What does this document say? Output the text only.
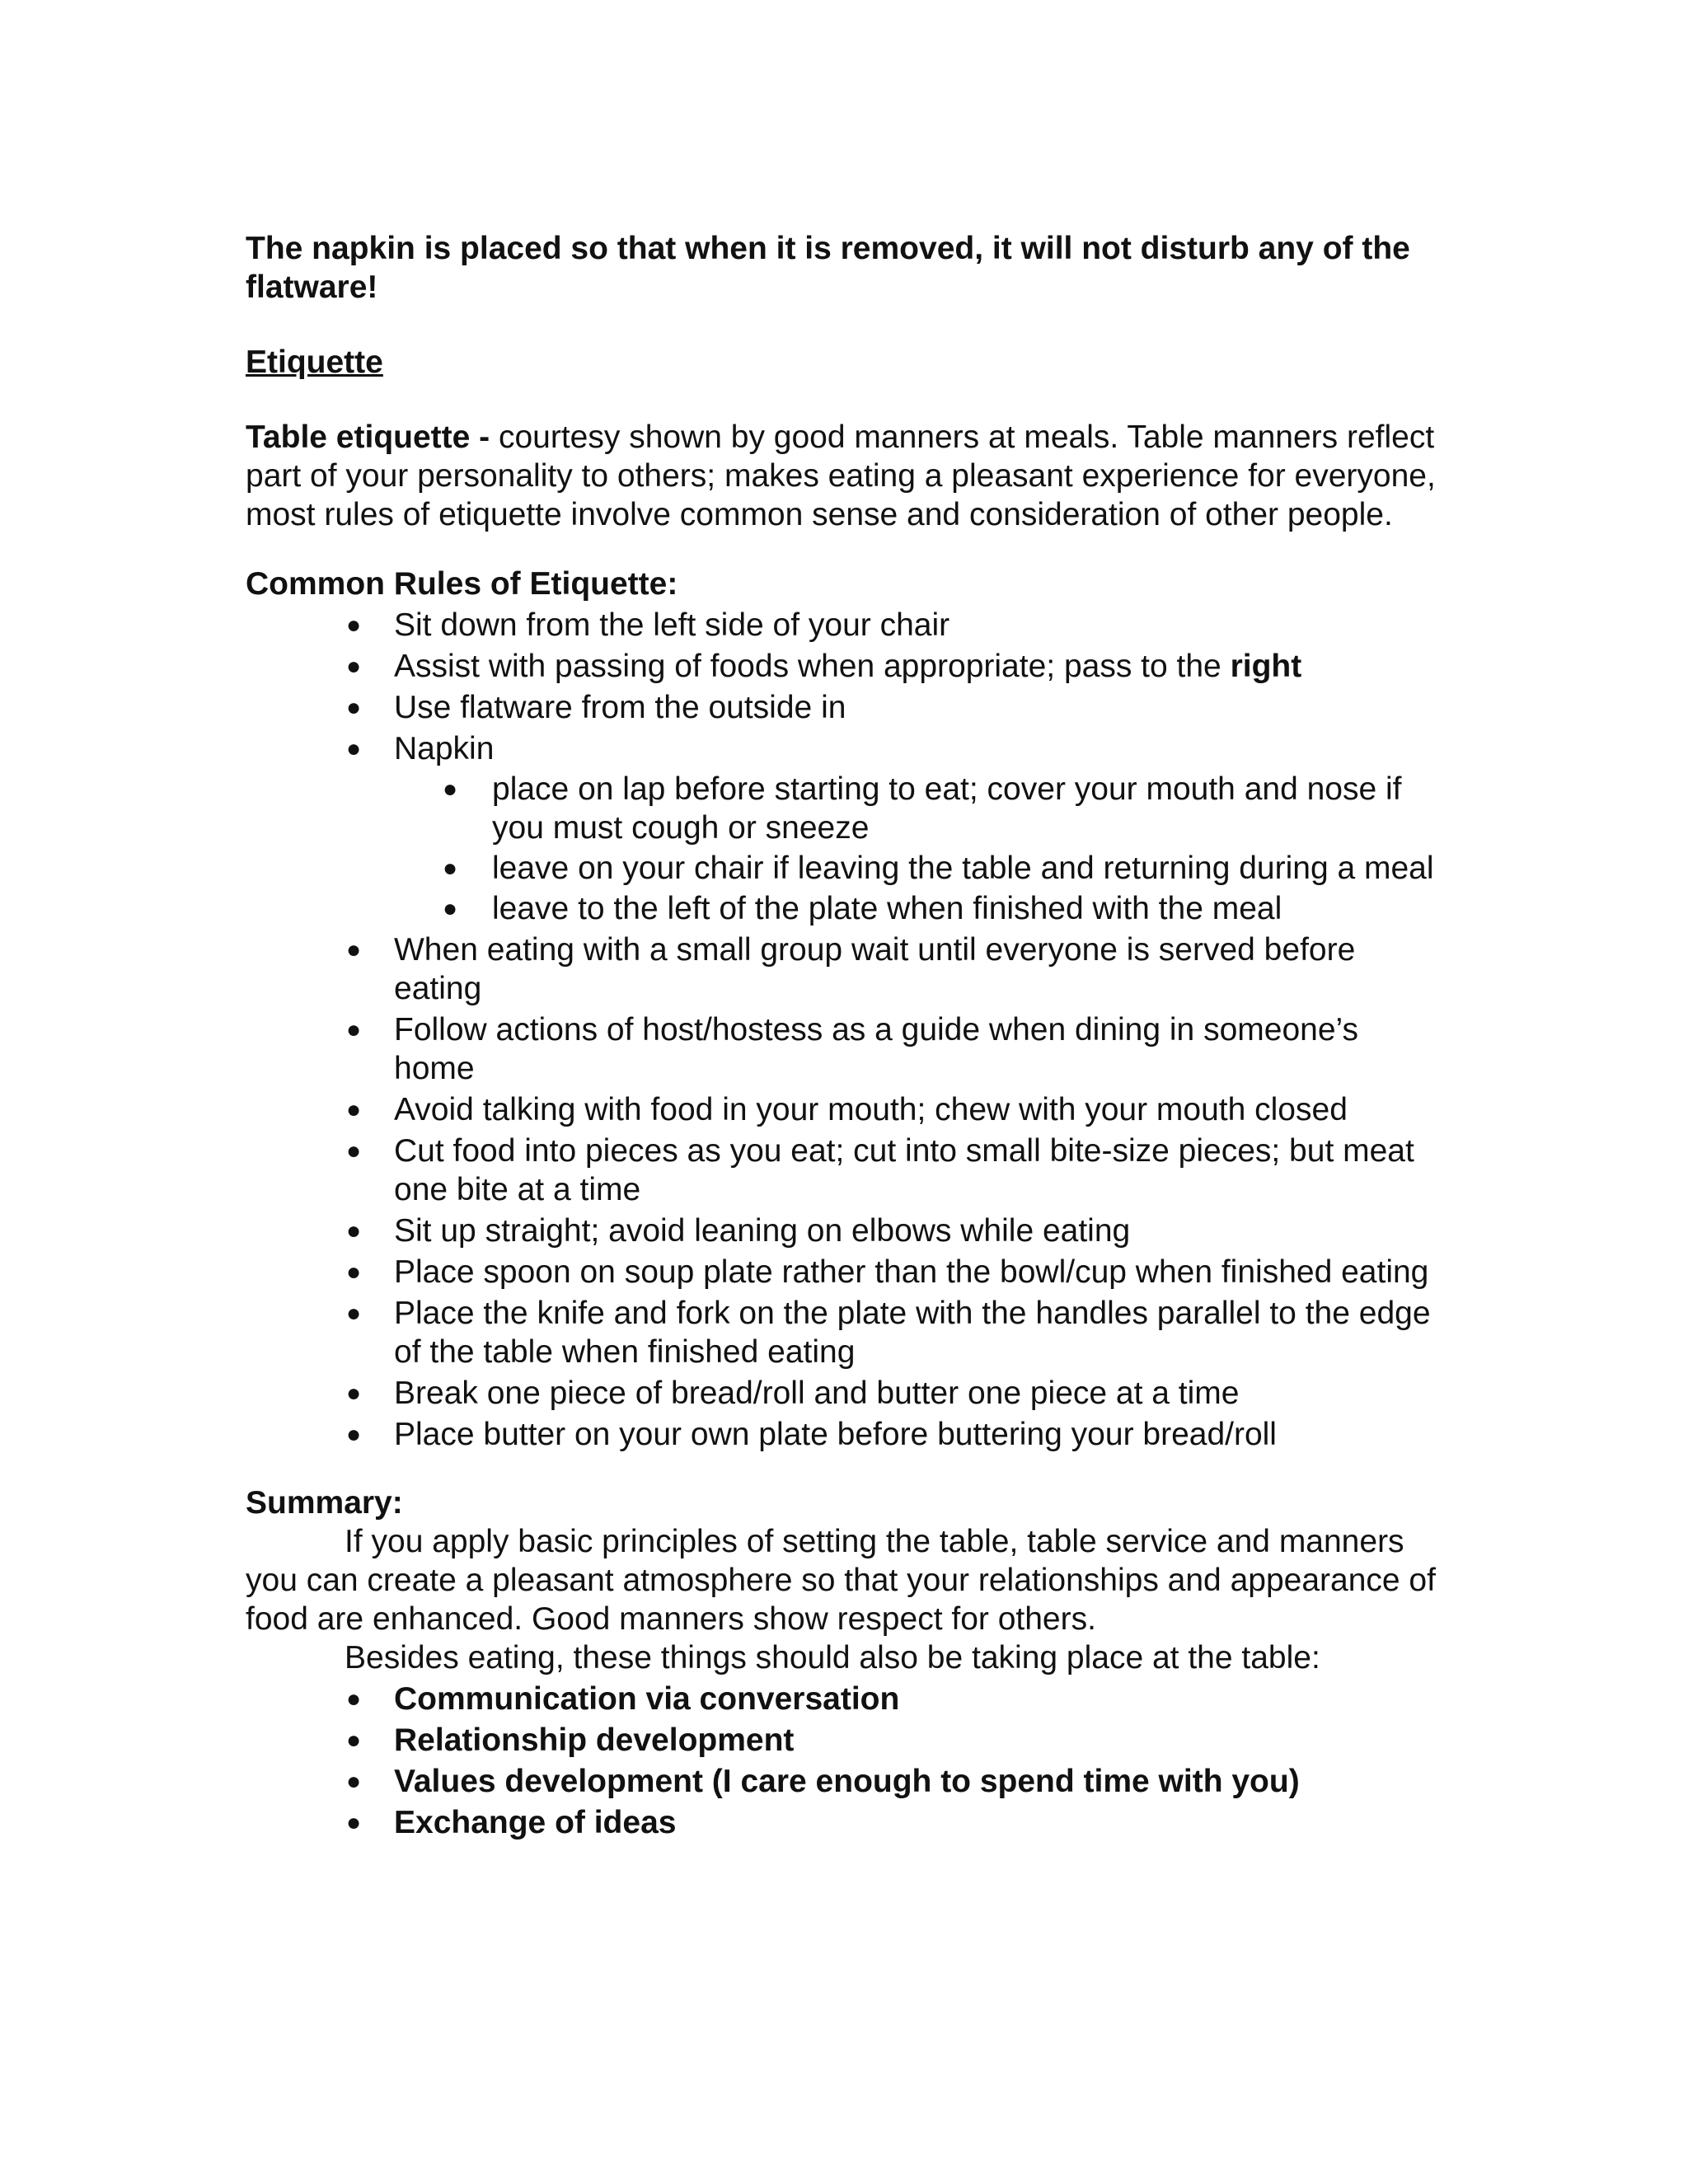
The napkin is placed so that when it is removed, it will not disturb any of the flatware!

Etiquette

Table etiquette - courtesy shown by good manners at meals. Table manners reflect part of your personality to others; makes eating a pleasant experience for everyone, most rules of etiquette involve common sense and consideration of other people.

Common Rules of Etiquette:

● Sit down from the left side of your chair
● Assist with passing of foods when appropriate; pass to the right
● Use flatware from the outside in
● Napkin
● place on lap before starting to eat; cover your mouth and nose if you must cough or sneeze
● leave on your chair if leaving the table and returning during a meal
● leave to the left of the plate when finished with the meal
● When eating with a small group wait until everyone is served before eating
● Follow actions of host/hostess as a guide when dining in someone’s home
● Avoid talking with food in your mouth; chew with your mouth closed
● Cut food into pieces as you eat; cut into small bite-size pieces; but meat one bite at a time
● Sit up straight; avoid leaning on elbows while eating
● Place spoon on soup plate rather than the bowl/cup when finished eating
● Place the knife and fork on the plate with the handles parallel to the edge of the table when finished eating
● Break one piece of bread/roll and butter one piece at a time
● Place butter on your own plate before buttering your bread/roll

Summary:

If you apply basic principles of setting the table, table service and manners you can create a pleasant atmosphere so that your relationships and appearance of food are enhanced. Good manners show respect for others.

Besides eating, these things should also be taking place at the table:

● Communication via conversation
● Relationship development
● Values development (I care enough to spend time with you)
● Exchange of ideas
